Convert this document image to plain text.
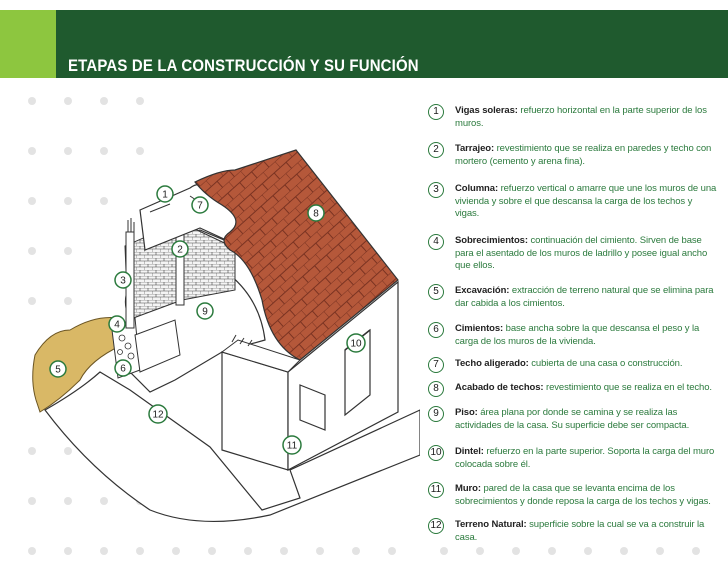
ETAPAS DE LA CONSTRUCCIÓN Y SU FUNCIÓN
1
7
8
2
3
9
4
10
5	6
12
11
1	Vigas soleras: refuerzo horizontal en la parte superior de los muros.
2	Tarrajeo: revestimiento que se realiza en paredes y techo con mortero (cemento y arena fina).
3	Columna: refuerzo vertical o amarre que une los muros de una vivienda y sobre el que descansa la carga de los techos y vigas.
4	Sobrecimientos: continuación del cimiento. Sirven de base para el asentado de los muros de ladrillo y posee igual ancho que ellos.
5	Excavación: extracción de terreno natural que se elimina para dar cabida a los cimientos.
6	Cimientos: base ancha sobre la que descansa el peso y la carga de los muros de la vivienda.
7	Techo aligerado: cubierta de una casa o construcción.
8	Acabado de techos: revestimiento que se realiza en el techo.
9	Piso: área plana por donde se camina y se realiza las actividades de la casa. Su superficie debe ser compacta.
10 Dintel: refuerzo en la parte superior. Soporta la carga del muro colocada sobre él.
11 Muro: pared de la casa que se levanta encima de los sobrecimientos y donde reposa la carga de los techos y vigas.
12 Terreno Natural: superficie sobre la cual se va a construir la casa.
